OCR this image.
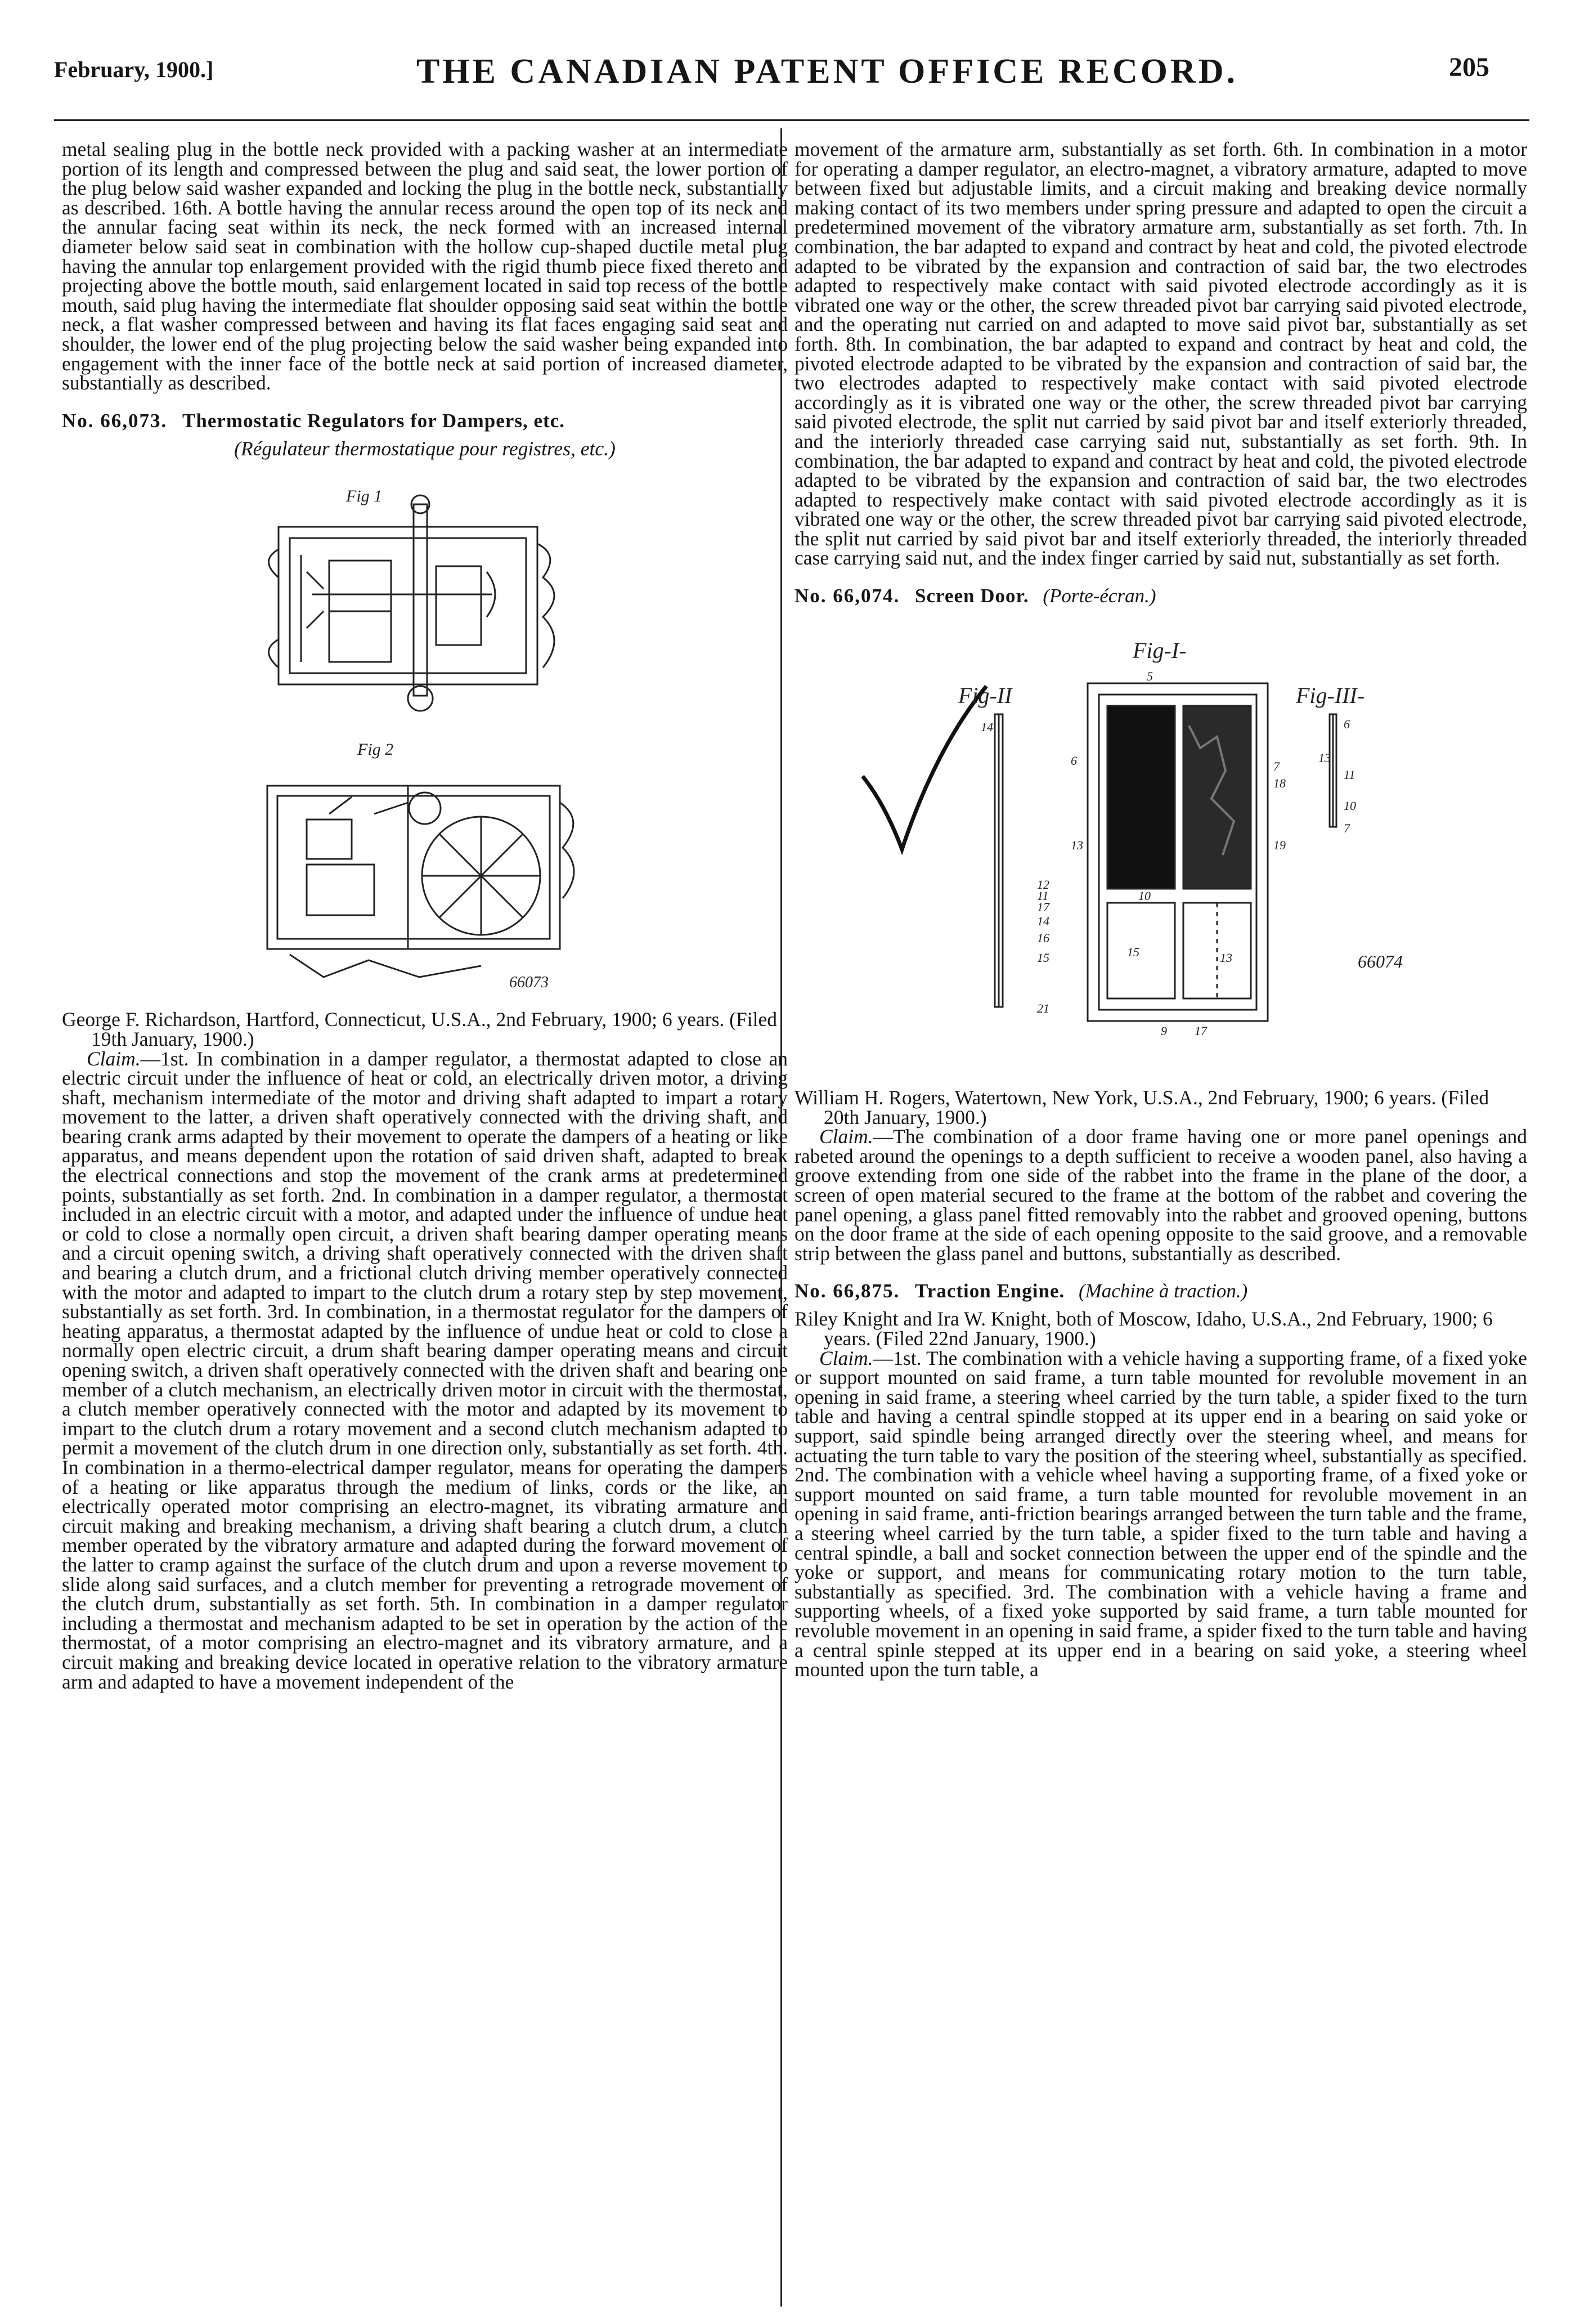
February, 1900.]	THE CANADIAN PATENT OFFICE RECORD.	205

metal sealing plug in the bottle neck provided with a packing washer at an intermediate portion of its length and compressed between the plug and said seat, the lower portion of the plug below said washer expanded and locking the plug in the bottle neck, substantially as described. 16th. A bottle having the annular recess around the open top of its neck and the annular facing seat within its neck, the neck formed with an increased internal diameter below said seat in combination with the hollow cup-shaped ductile metal plug having the annular top enlargement provided with the rigid thumb piece fixed thereto and projecting above the bottle mouth, said enlargement located in said top recess of the bottle mouth, said plug having the intermediate flat shoulder opposing said seat within the bottle neck, a flat washer compressed between and having its flat faces engaging said seat and shoulder, the lower end of the plug projecting below the said washer being expanded into engagement with the inner face of the bottle neck at said portion of increased diameter, substantially as described.

No. 66,073. Thermostatic Regulators for Dampers, etc.
(Régulateur thermostatique pour registres, etc.)
Fig 1
Fig 2
66073

George F. Richardson, Hartford, Connecticut, U.S.A., 2nd February, 1900; 6 years. (Filed 19th January, 1900.)

Claim.—1st. In combination in a damper regulator, a thermostat adapted to close an electric circuit under the influence of heat or cold, an electrically driven motor, a driving shaft, mechanism intermediate of the motor and driving shaft adapted to impart a rotary movement to the latter, a driven shaft operatively connected with the driving shaft, and bearing crank arms adapted by their movement to operate the dampers of a heating or like apparatus, and means dependent upon the rotation of said driven shaft, adapted to break the electrical connections and stop the movement of the crank arms at predetermined points, substantially as set forth. 2nd. In combination in a damper regulator, a thermostat included in an electric circuit with a motor, and adapted under the influence of undue heat or cold to close a normally open circuit, a driven shaft bearing damper operating means and a circuit opening switch, a driving shaft operatively connected with the driven shaft and bearing a clutch drum, and a frictional clutch driving member operatively connected with the motor and adapted to impart to the clutch drum a rotary step by step movement, substantially as set forth. 3rd. In combination, in a thermostat regulator for the dampers of heating apparatus, a thermostat adapted by the influence of undue heat or cold to close a normally open electric circuit, a drum shaft bearing damper operating means and circuit opening switch, a driven shaft operatively connected with the driven shaft and bearing one member of a clutch mechanism, an electrically driven motor in circuit with the thermostat, a clutch member operatively connected with the motor and adapted by its movement to impart to the clutch drum a rotary movement and a second clutch mechanism adapted to permit a movement of the clutch drum in one direction only, substantially as set forth. 4th. In combination in a thermo-electrical damper regulator, means for operating the dampers of a heating or like apparatus through the medium of links, cords or the like, an electrically operated motor comprising an electro-magnet, its vibrating armature and circuit making and breaking mechanism, a driving shaft bearing a clutch drum, a clutch member operated by the vibratory armature and adapted during the forward movement of the latter to cramp against the surface of the clutch drum and upon a reverse movement to slide along said surfaces, and a clutch member for preventing a retrograde movement of the clutch drum, substantially as set forth. 5th. In combination in a damper regulator including a thermostat and mechanism adapted to be set in operation by the action of the thermostat, of a motor comprising an electro-magnet and its vibratory armature, and a circuit making and breaking device located in operative relation to the vibratory armature arm and adapted to have a movement independent of the

movement of the armature arm, substantially as set forth. 6th. In combination in a motor for operating a damper regulator, an electro-magnet, a vibratory armature, adapted to move between fixed but adjustable limits, and a circuit making and breaking device normally making contact of its two members under spring pressure and adapted to open the circuit a predetermined movement of the vibratory armature arm, substantially as set forth. 7th. In combination, the bar adapted to expand and contract by heat and cold, the pivoted electrode adapted to be vibrated by the expansion and contraction of said bar, the two electrodes adapted to respectively make contact with said pivoted electrode accordingly as it is vibrated one way or the other, the screw threaded pivot bar carrying said pivoted electrode, and the operating nut carried on and adapted to move said pivot bar, substantially as set forth. 8th. In combination, the bar adapted to expand and contract by heat and cold, the pivoted electrode adapted to be vibrated by the expansion and contraction of said bar, the two electrodes adapted to respectively make contact with said pivoted electrode accordingly as it is vibrated one way or the other, the screw threaded pivot bar carrying said pivoted electrode, the split nut carried by said pivot bar and itself exteriorly threaded, and the interiorly threaded case carrying said nut, substantially as set forth. 9th. In combination, the bar adapted to expand and contract by heat and cold, the pivoted electrode adapted to be vibrated by the expansion and contraction of said bar, the two electrodes adapted to respectively make contact with said pivoted electrode accordingly as it is vibrated one way or the other, the screw threaded pivot bar carrying said pivoted electrode, the split nut carried by said pivot bar and itself exteriorly threaded, the interiorly threaded case carrying said nut, and the index finger carried by said nut, substantially as set forth.

No. 66,074. Screen Door. (Porte-écran.)
Fig-I-
Fig-II	Fig-III-
5
14
6
13
12
11
17
14
16
15
21
10
15	13
9 17
7
18
19
6
13
11
10
7
66074

William H. Rogers, Watertown, New York, U.S.A., 2nd February, 1900; 6 years. (Filed 20th January, 1900.)

Claim.—The combination of a door frame having one or more panel openings and rabeted around the openings to a depth sufficient to receive a wooden panel, also having a groove extending from one side of the rabbet into the frame in the plane of the door, a screen of open material secured to the frame at the bottom of the rabbet and covering the panel opening, a glass panel fitted removably into the rabbet and grooved opening, buttons on the door frame at the side of each opening opposite to the said groove, and a removable strip between the glass panel and buttons, substantially as described.

No. 66,875. Traction Engine. (Machine à traction.)

Riley Knight and Ira W. Knight, both of Moscow, Idaho, U.S.A., 2nd February, 1900; 6 years. (Filed 22nd January, 1900.)

Claim.—1st. The combination with a vehicle having a supporting frame, of a fixed yoke or support mounted on said frame, a turn table mounted for revoluble movement in an opening in said frame, a steering wheel carried by the turn table, a spider fixed to the turn table and having a central spindle stopped at its upper end in a bearing on said yoke or support, said spindle being arranged directly over the steering wheel, and means for actuating the turn table to vary the position of the steering wheel, substantially as specified. 2nd. The combination with a vehicle wheel having a supporting frame, of a fixed yoke or support mounted on said frame, a turn table mounted for revoluble movement in an opening in said frame, anti-friction bearings arranged between the turn table and the frame, a steering wheel carried by the turn table, a spider fixed to the turn table and having a central spindle, a ball and socket connection between the upper end of the spindle and the yoke or support, and means for communicating rotary motion to the turn table, substantially as specified. 3rd. The combination with a vehicle having a frame and supporting wheels, of a fixed yoke supported by said frame, a turn table mounted for revoluble movement in an opening in said frame, a spider fixed to the turn table and having a central spinle stepped at its upper end in a bearing on said yoke, a steering wheel mounted upon the turn table, a
